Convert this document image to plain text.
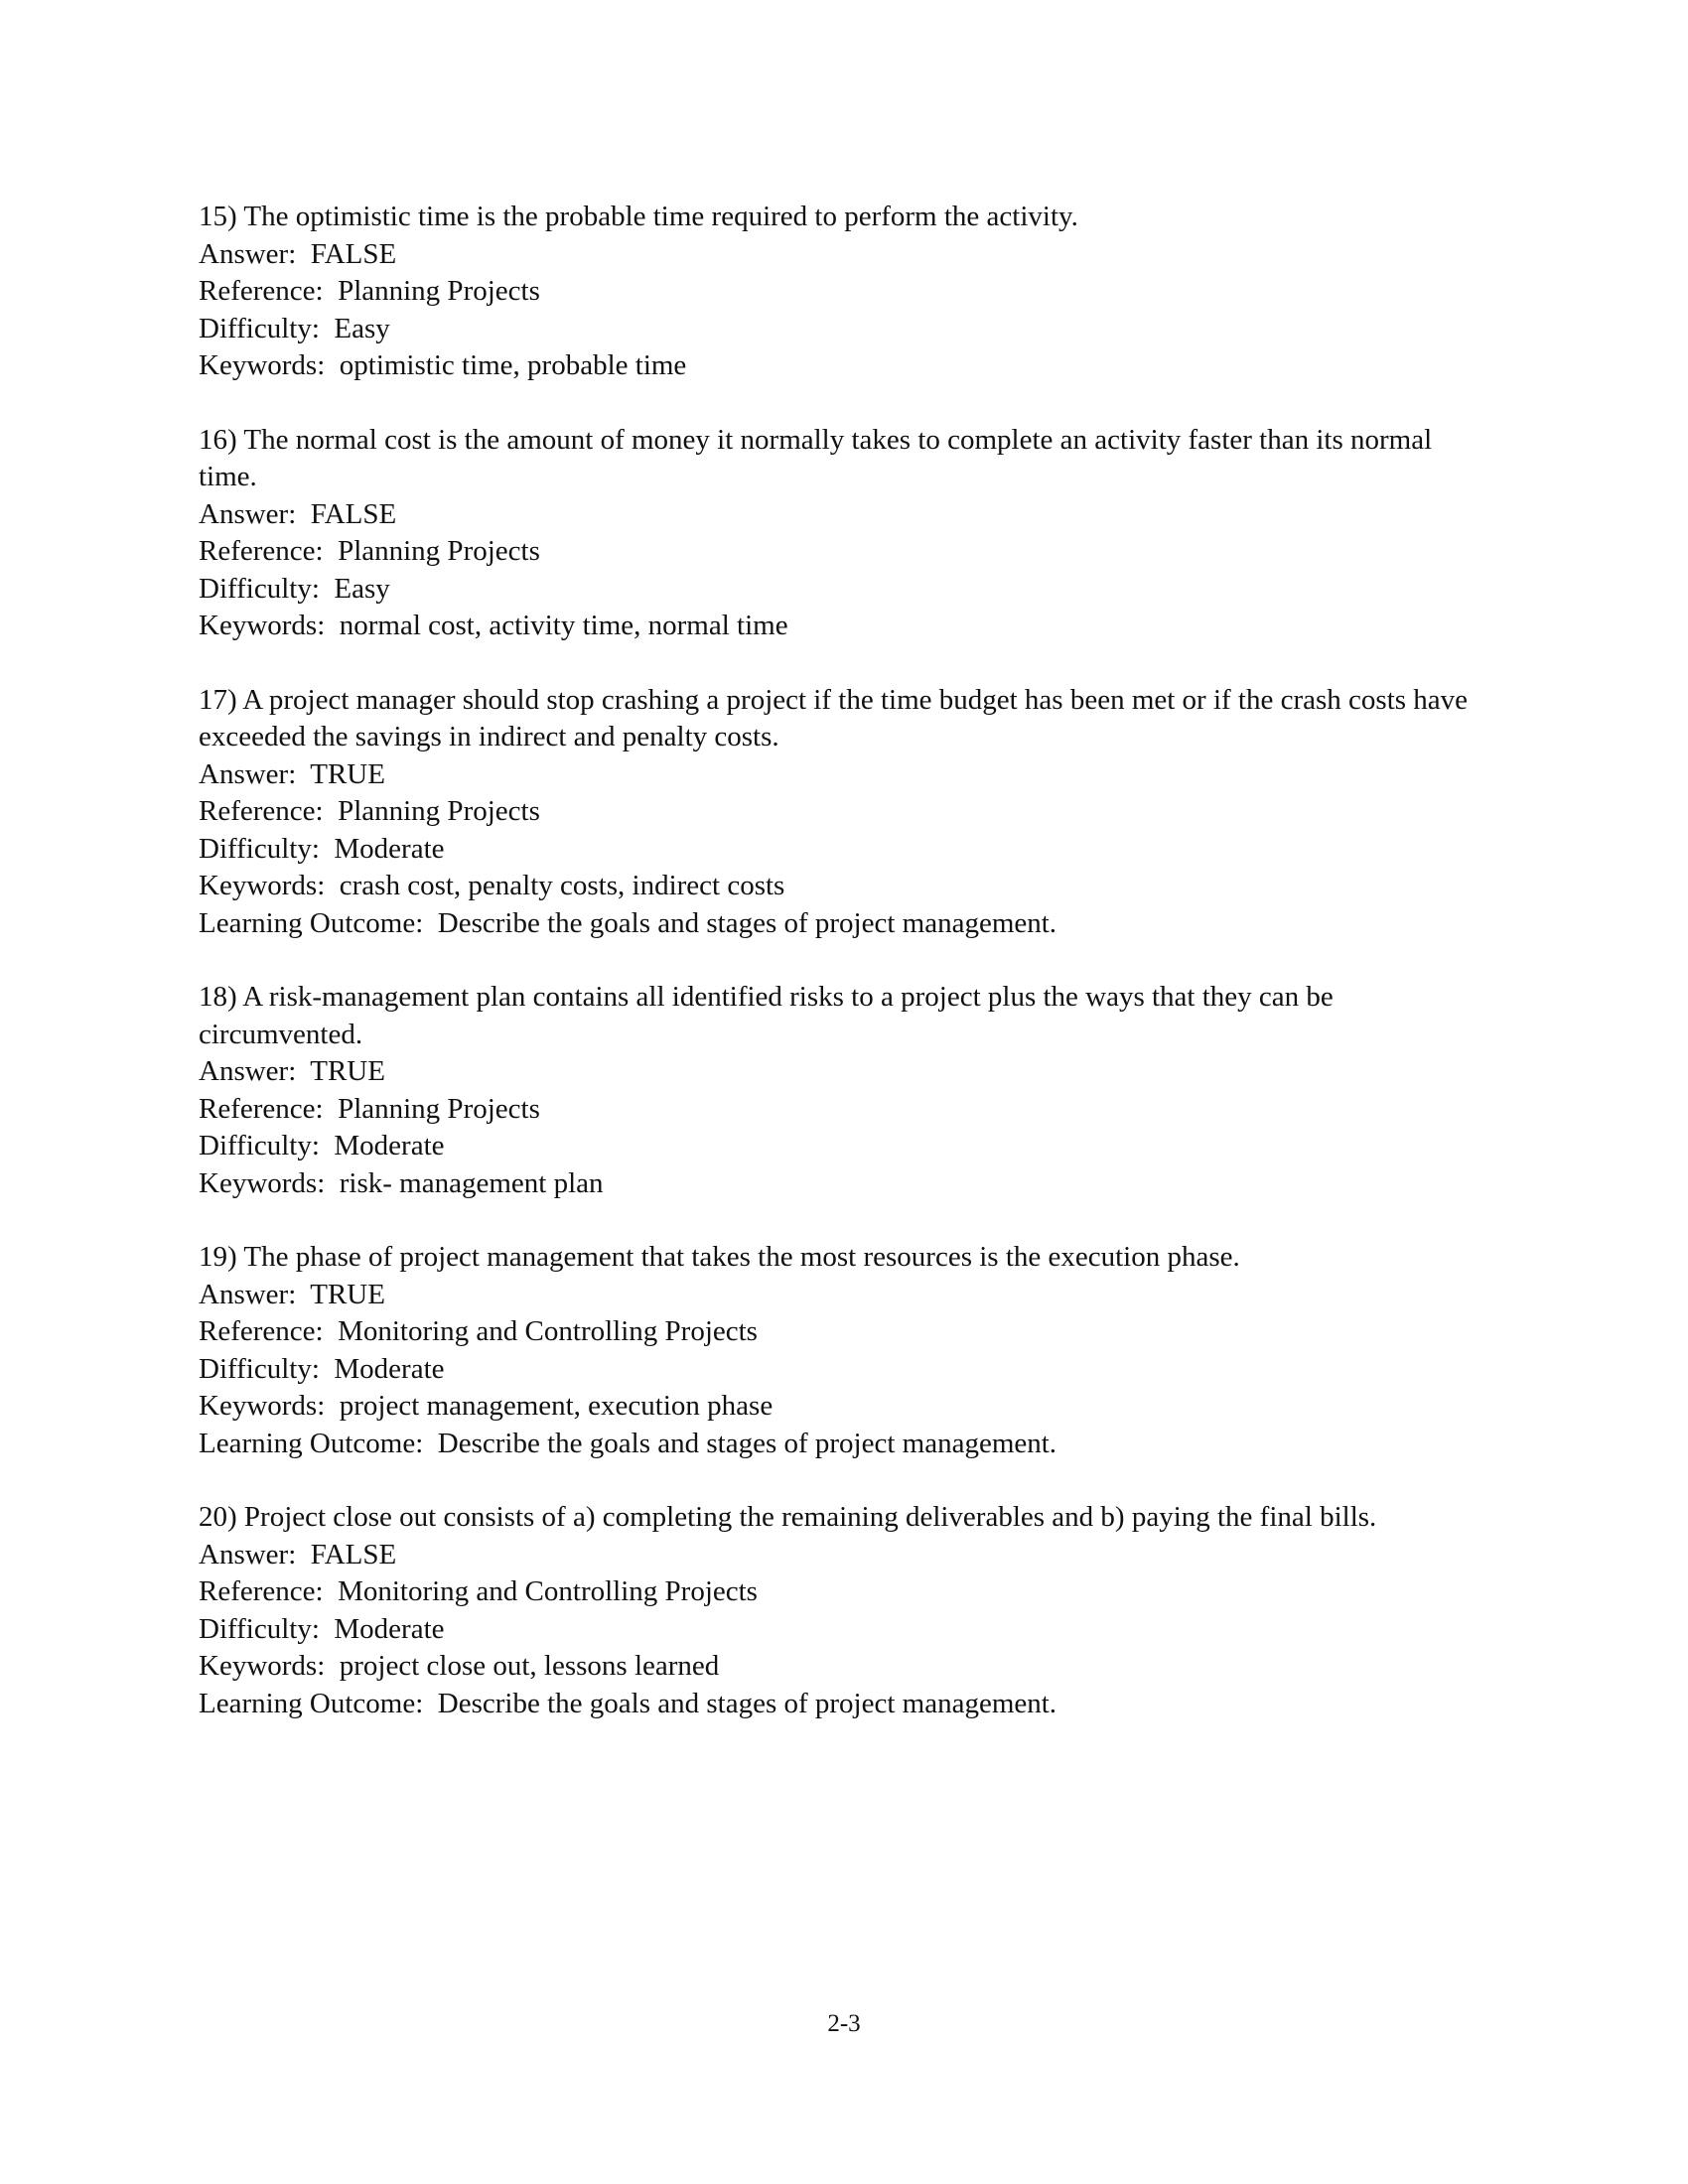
15) The optimistic time is the probable time required to perform the activity.
Answer:  FALSE
Reference:  Planning Projects
Difficulty:  Easy
Keywords:  optimistic time, probable time
16) The normal cost is the amount of money it normally takes to complete an activity faster than its normal time.
Answer:  FALSE
Reference:  Planning Projects
Difficulty:  Easy
Keywords:  normal cost, activity time, normal time
17) A project manager should stop crashing a project if the time budget has been met or if the crash costs have exceeded the savings in indirect and penalty costs.
Answer:  TRUE
Reference:  Planning Projects
Difficulty:  Moderate
Keywords:  crash cost, penalty costs, indirect costs
Learning Outcome:  Describe the goals and stages of project management.
18) A risk-management plan contains all identified risks to a project plus the ways that they can be circumvented.
Answer:  TRUE
Reference:  Planning Projects
Difficulty:  Moderate
Keywords:  risk- management plan
19) The phase of project management that takes the most resources is the execution phase.
Answer:  TRUE
Reference:  Monitoring and Controlling Projects
Difficulty:  Moderate
Keywords:  project management, execution phase
Learning Outcome:  Describe the goals and stages of project management.
20) Project close out consists of a) completing the remaining deliverables and b) paying the final bills.
Answer:  FALSE
Reference:  Monitoring and Controlling Projects
Difficulty:  Moderate
Keywords:  project close out, lessons learned
Learning Outcome:  Describe the goals and stages of project management.
2-3
